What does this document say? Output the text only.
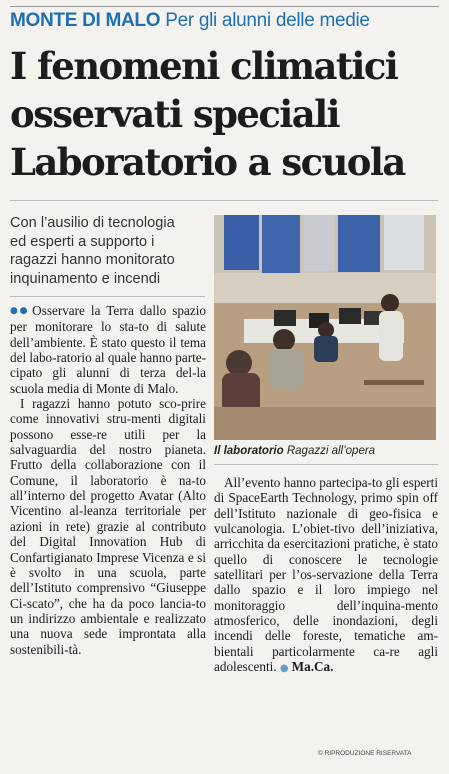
MONTE DI MALO Per gli alunni delle medie
I fenomeni climatici
osservati speciali
Laboratorio a scuola
Con l’ausilio di tecnologia
ed esperti a supporto i
ragazzi hanno monitorato
inquinamento e incendi

●● Osservare la Terra dallo spazio per monitorare lo sta-to di salute dell’ambiente. È stato questo il tema del labo-ratorio al quale hanno parte-cipato gli alunni di terza del-la scuola media di Monte di Malo.

I ragazzi hanno potuto sco-prire come innovativi stru-menti digitali possono esse-re utili per la salvaguardia del nostro pianeta. Frutto della collaborazione con il Comune, il laboratorio è na-to all’interno del progetto Avatar (Alto Vicentino al-leanza territoriale per azioni in rete) grazie al contributo del Digital Innovation Hub di Confartigianato Imprese Vicenza e si è svolto in una scuola, parte dell’Istituto comprensivo “Giuseppe Ci-scato”, che ha da poco lancia-to un indirizzo ambientale e realizzato una nuova sede improntata alla sostenibili-tà.

Il laboratorio Ragazzi all’opera

All’evento hanno partecipa-to gli esperti di SpaceEarth Technology, primo spin off dell’Istituto nazionale di geo-fisica e vulcanologia. L’obiet-tivo dell’iniziativa, arricchita da esercitazioni pratiche, è stato quello di conoscere le tecnologie satellitari per l’os-servazione della Terra dallo spazio e il loro impiego nel monitoraggio dell’inquina-mento atmosferico, delle inondazioni, degli incendi delle foreste, tematiche am-bientali particolarmente ca-re agli adolescenti. ● Ma.Ca.

© RIPRODUZIONE RISERVATA
